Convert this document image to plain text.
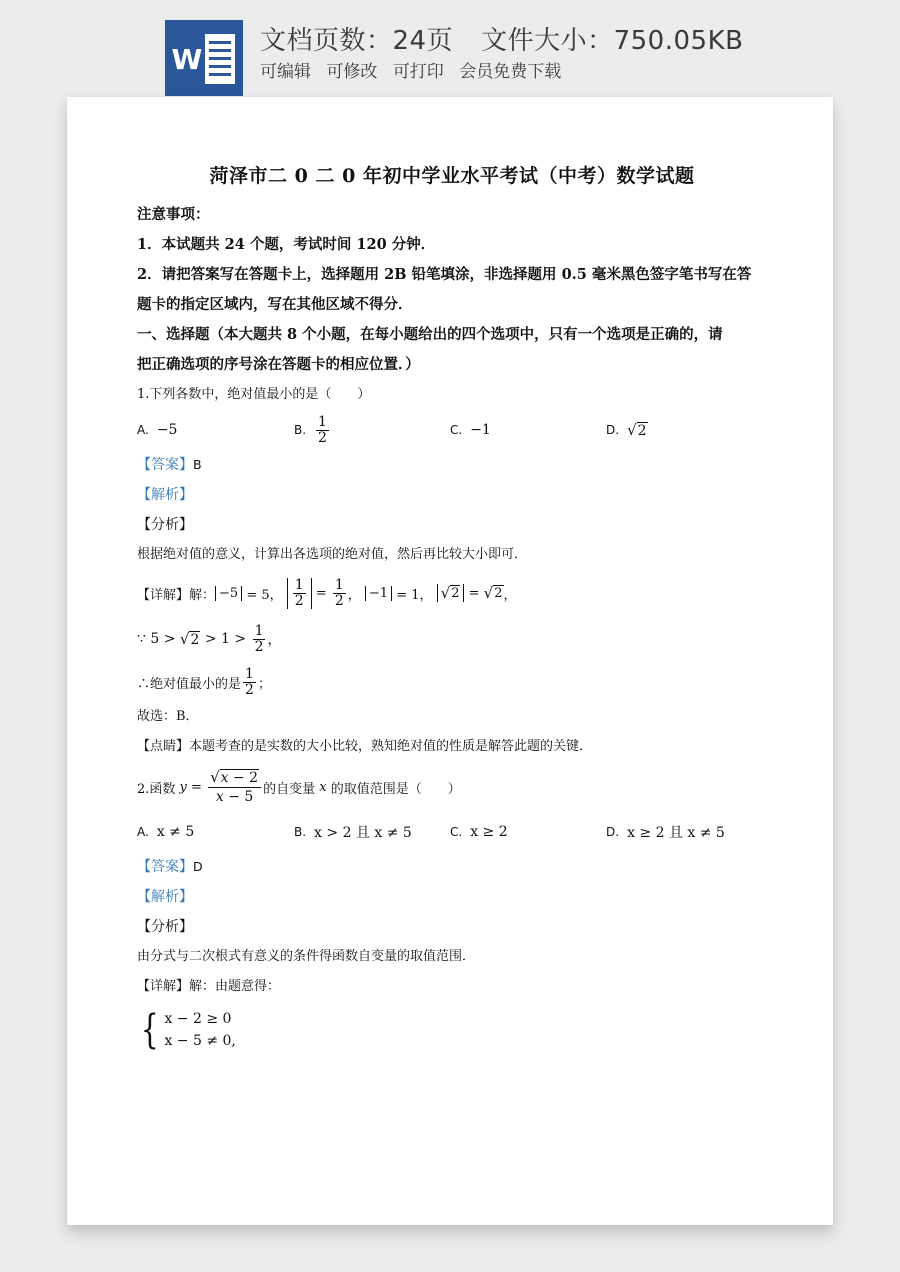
W
文档页数：24页 文件大小：750.05KB
可编辑 可修改 可打印 会员免费下载
菏泽市二 0 二 0 年初中学业水平考试（中考）数学试题

注意事项：

1．本试题共 24 个题，考试时间 120 分钟．

2．请把答案写在答题卡上，选择题用 2B 铅笔填涂，非选择题用 0.5 毫米黑色签字笔书写在答

题卡的指定区域内，写在其他区域不得分．

一、选择题（本大题共 8 个小题，在每小题给出的四个选项中，只有一个选项是正确的，请

把正确选项的序号涂在答题卡的相应位置．）

1.下列各数中，绝对值最小的是（　　）

A. −5	B. $\frac{1}{2}$	C. −1	D. √ 2

【答案】B

【解析】

【分析】

根据绝对值的意义，计算出各选项的绝对值，然后再比较大小即可．

【详解】解： −5 = 5， $\frac{1}{2} = \frac{1}{2}$ ， −1 = 1， √ 2 = √ 2 ，
∵ 5 >
√ $2 > 1 > \frac{1}{2}$ ，
∴绝对值最小的是 $\frac{1}{2}$ ；

故选：B．

【点睛】本题考查的是实数的大小比较，熟知绝对值的性质是解答此题的关键．

2.函数
$y = \frac{√ x - 2}{x - 5}$ 的自变量
x
的取值范围是（　　）
A. x ≠ 5	B. x > 2 且 x ≠ 5	C. x ≥ 2	D. x ≥ 2 且 x ≠ 5

【答案】D

【解析】

【分析】

由分式与二次根式有意义的条件得函数自变量的取值范围．

【详解】解：由题意得：

{ x − 2 ≥ 0
x − 5 ≠ 0,
